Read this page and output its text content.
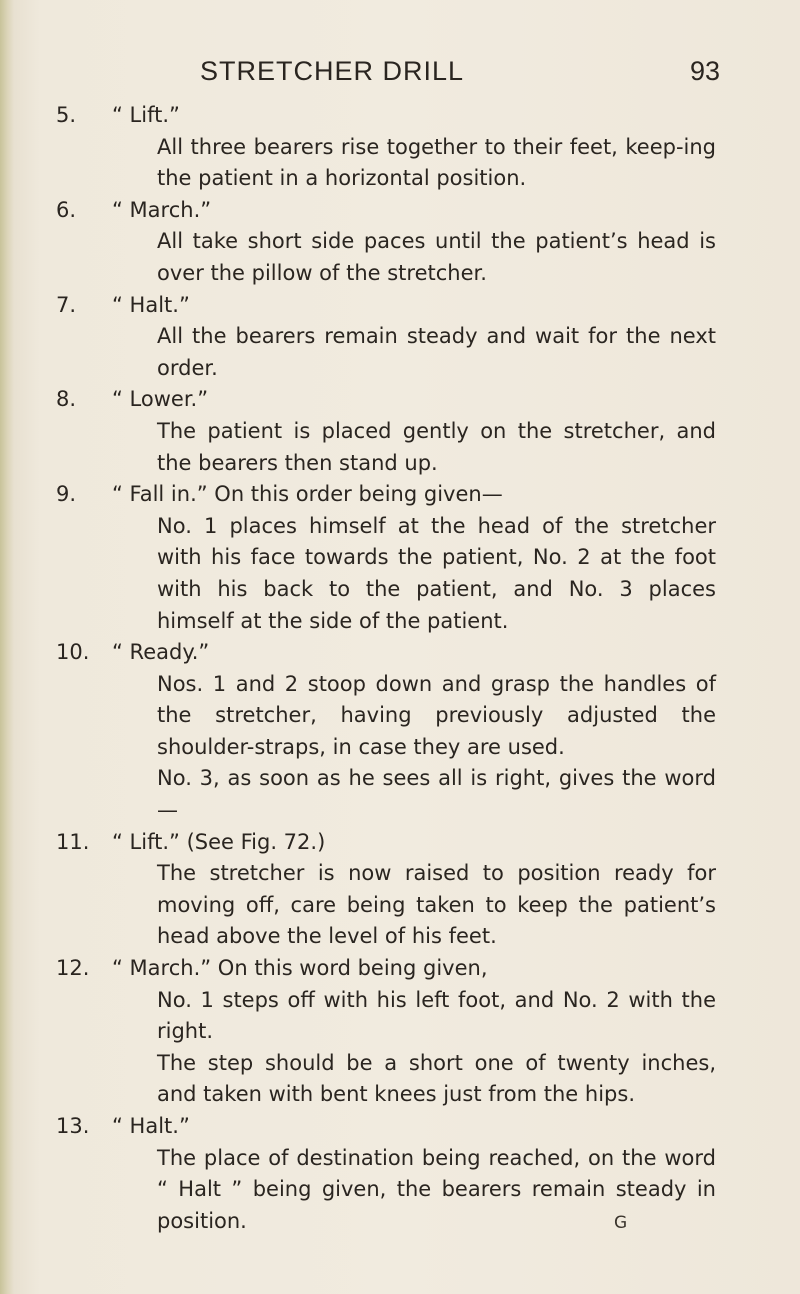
STRETCHER DRILL	93
5.	“ Lift.”

All three bearers rise together to their feet, keep-ing the patient in a horizontal position.

6.	“ March.”

All take short side paces until the patient’s head is over the pillow of the stretcher.

7.	“ Halt.”

All the bearers remain steady and wait for the next order.

8.	“ Lower.”

The patient is placed gently on the stretcher, and the bearers then stand up.

9.	“ Fall in.” On this order being given—

No. 1 places himself at the head of the stretcher with his face towards the patient, No. 2 at the foot with his back to the patient, and No. 3 places himself at the side of the patient.

10.	“ Ready.”

Nos. 1 and 2 stoop down and grasp the handles of the stretcher, having previously adjusted the shoulder-straps, in case they are used.

No. 3, as soon as he sees all is right, gives the word—

11.	“ Lift.” (See Fig. 72.)

The stretcher is now raised to position ready for moving off, care being taken to keep the patient’s head above the level of his feet.

12.	“ March.” On this word being given,

No. 1 steps off with his left foot, and No. 2 with the right.

The step should be a short one of twenty inches, and taken with bent knees just from the hips.

13.	“ Halt.”

The place of destination being reached, on the word “ Halt ” being given, the bearers remain steady in position.	G
